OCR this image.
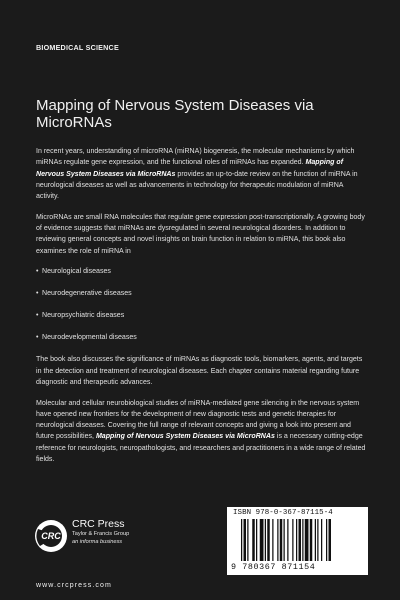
BIOMEDICAL SCIENCE
Mapping of Nervous System Diseases via MicroRNAs

In recent years, understanding of microRNA (miRNA) biogenesis, the molecular mechanisms by which miRNAs regulate gene expression, and the functional roles of miRNAs has expanded. Mapping of Nervous System Diseases via MicroRNAs provides an up-to-date review on the function of miRNA in neurological diseases as well as advancements in technology for therapeutic modulation of miRNA activity.

MicroRNAs are small RNA molecules that regulate gene expression post-transcriptionally. A growing body of evidence suggests that miRNAs are dysregulated in several neurological disorders. In addition to reviewing general concepts and novel insights on brain function in relation to miRNA, this book also examines the role of miRNA in

• Neurological diseases
• Neurodegenerative diseases
• Neuropsychiatric diseases
• Neurodevelopmental diseases

The book also discusses the significance of miRNAs as diagnostic tools, biomarkers, agents, and targets in the detection and treatment of neurological diseases. Each chapter contains material regarding future diagnostic and therapeutic advances.

Molecular and cellular neurobiological studies of miRNA-mediated gene silencing in the nervous system have opened new frontiers for the development of new diagnostic tests and genetic therapies for neurological diseases. Covering the full range of relevant concepts and giving a look into present and future possibilities, Mapping of Nervous System Diseases via MicroRNAs is a necessary cutting-edge reference for neurologists, neuropathologists, and researchers and practitioners in a wide range of related fields.

CRC
CRC Press
Taylor & Francis Group
an informa business
www.crcpress.com
ISBN 978-0-367-87115-4
9 780367 871154
